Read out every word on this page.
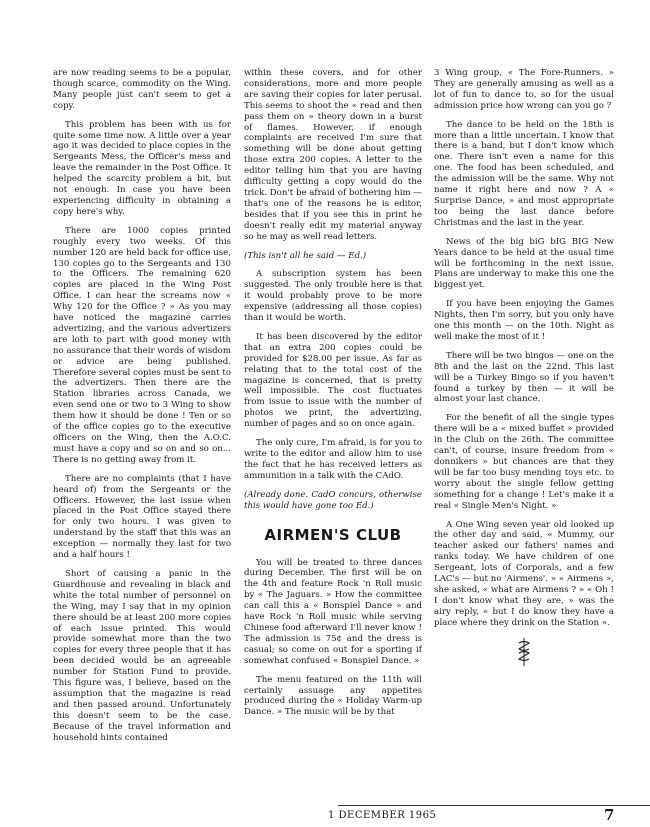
are now reading seems to be a popular, though scarce, commodity on the Wing. Many people just can't seem to get a copy.

This problem has been with us for quite some time now. A little over a year ago it was decided to place copies in the Sergeants Mess, the Officer's mess and leave the remainder in the Post Office. It helped the scarcity problem a bit, but not enough. In case you have been experiencing difficulty in obtaining a copy here's why.

There are 1000 copies printed roughly every two weeks. Of this number 120 are held back for office use, 130 copies go to the Sergeants and 130 to the Officers. The remaining 620 copies are placed in the Wing Post Office. I can hear the screams now « Why 120 for the Office ? » As you may have noticed the magazine carries advertizing, and the various advertizers are loth to part with good money with no assurance that their words of wisdom or advice are being published. Therefore several copies must be sent to the advertizers. Then there are the Station libraries across Canada, we even send one or two to 3 Wing to show them how it should be done ! Ten or so of the office copies go to the executive officers on the Wing, then the A.O.C. must have a copy and so on and so on... There is no getting away from it.

There are no complaints (that I have heard of) from the Sergeants or the Officers. However, the last issue when placed in the Post Office stayed there for only two hours. I was given to understand by the staff that this was an exception — normally they last for two and a half hours !

Short of causing a panic in the Guardhouse and revealing in black and white the total number of personnel on the Wing, may I say that in my opinion there should be at least 200 more copies of each issue printed. This would provide somewhat more than the two copies for every three people that it has been decided would be an agreeable number for Station Fund to provide. This figure was, I believe, based on the assumption that the magazine is read and then passed around. Unfortunately this doesn't seem to be the case. Because of the travel information and household hints contained

within these covers, and for other considerations, more and more people are saving their copies for later perusal. This seems to shoot the « read and then pass them on » theory down in a burst of flames. However, if enough complaints are received I'm sure that something will be done about getting those extra 200 copies. A letter to the editor telling him that you are having difficulty getting a copy would do the trick. Don't be afraid of bothering him — that's one of the reasons he is editor, besides that if you see this in print he doesn't really edit my material anyway so he may as well read letters.

(This isn't all he said — Ed.)

A subscription system has been suggested. The only trouble here is that it would probably prove to be more expensive (addressing all those copies) than it would be worth.

It has been discovered by the editor that an extra 200 copies could be provided for $28.00 per issue. As far as relating that to the total cost of the magazine is concerned, that is pretty well impossible. The cost fluctuates from issue to issue with the number of photos we print, the advertizing, number of pages and so on once again.

The only cure, I'm afraid, is for you to write to the editor and allow him to use the fact that he has received letters as ammunition in a talk with the CAdO.

(Already done. CadO concurs, otherwise this would have gone too Ed.)

AIRMEN'S CLUB

You will be treated to three dances during December. The first will be on the 4th and feature Rock 'n Roll music by « The Jaguars. » How the committee can call this a « Bonspiel Dance » and have Rock 'n Roll music while serving Chinese food afterward I'll never know ! The admission is 75¢ and the dress is casual; so come on out for a sporting if somewhat confused « Bonspiel Dance. »

The menu featured on the 11th will certainly assuage any appetites produced during the « Holiday Warm-up Dance. » The music will be by that

3 Wing group, « The Fore-Runners. » They are generally amusing as well as a lot of fun to dance to, so for the usual admission price how wrong can you go ?

The dance to be held on the 18th is more than a little uncertain. I know that there is a band, but I don't know which one. There isn't even a name for this one. The food has been scheduled, and the admission will be the same. Why not name it right here and now ? A « Surprise Dance, » and most appropriate too being the last dance before Christmas and the last in the year.

News of the big biG bIG BIG New Years dance to be held at the usual time will be forthcoming in the next issue. Plans are underway to make this one the biggest yet.

If you have been enjoying the Games Nights, then I'm sorry, but you only have one this month — on the 10th. Night as well make the most of it !

There will be two bingos — one on the 8th and the last on the 22nd. This last will be a Turkey Bingo so if you haven't found a turkey by then — it will be almost your last chance.

For the benefit of all the single types there will be a « mixed buffet » provided in the Club on the 26th. The committee can't, of course, insure freedom from « donnikers » but chances are that they will be far too busy mending toys etc. to worry about the single fellow getting something for a change ! Let's make it a real « Single Men's Night. »

A One Wing seven year old looked up the other day and said, « Mummy, our teacher asked our fathers' names and ranks today. We have children of one Sergeant, lots of Corporals, and a few LAC's — but no 'Airmens'. » « Airmens », she asked, « what are Airmens ? » « Oh ! I don't know what they are, » was the airy reply, « but I do know they have a place where they drink on the Station ».

1 DECEMBER 1965	7
